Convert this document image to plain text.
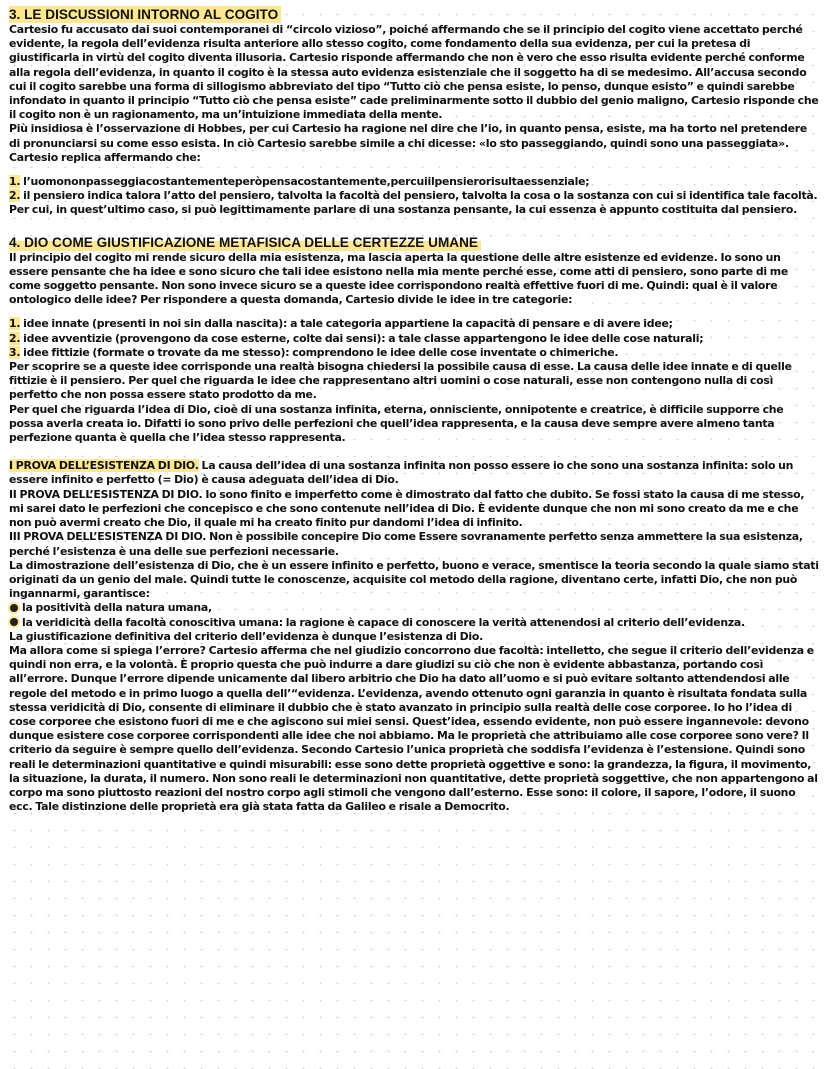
3. LE DISCUSSIONI INTORNO AL COGITO

Cartesio fu accusato dai suoi contemporanei di “circolo vizioso”, poiché affermando che se il principio del cogito viene accettato perché evidente, la regola dell’evidenza risulta anteriore allo stesso cogito, come fondamento della sua evidenza, per cui la pretesa di giustificarla in virtù del cogito diventa illusoria. Cartesio risponde affermando che non è vero che esso risulta evidente perché conforme alla regola dell’evidenza, in quanto il cogito è la stessa auto evidenza esistenziale che il soggetto ha di se medesimo. All’accusa secondo cui il cogito sarebbe una forma di sillogismo abbreviato del tipo “Tutto ciò che pensa esiste, lo penso, dunque esisto” e quindi sarebbe infondato in quanto il principio “Tutto ciò che pensa esiste” cade preliminarmente sotto il dubbio del genio maligno, Cartesio risponde che il cogito non è un ragionamento, ma un’intuizione immediata della mente.

Più insidiosa è l’osservazione di Hobbes, per cui Cartesio ha ragione nel dire che l’io, in quanto pensa, esiste, ma ha torto nel pretendere di pronunciarsi su come esso esista. In ciò Cartesio sarebbe simile a chi dicesse: «Io sto passeggiando, quindi sono una passeggiata». Cartesio replica affermando che:

1. l’uomononpasseggiacostantementeperòpensacostantemente,percuiilpensierorisultaessenziale;
2. il pensiero indica talora l’atto del pensiero, talvolta la facoltà del pensiero, talvolta la cosa o la sostanza con cui si identifica tale facoltà. Per cui, in quest’ultimo caso, si può legittimamente parlare di una sostanza pensante, la cui essenza è appunto costituita dal pensiero.
4. DIO COME GIUSTIFICAZIONE METAFISICA DELLE CERTEZZE UMANE

Il principio del cogito mi rende sicuro della mia esistenza, ma lascia aperta la questione delle altre esistenze ed evidenze. Io sono un essere pensante che ha idee e sono sicuro che tali idee esistono nella mia mente perché esse, come atti di pensiero, sono parte di me come soggetto pensante. Non sono invece sicuro se a queste idee corrispondono realtà effettive fuori di me. Quindi: qual è il valore ontologico delle idee? Per rispondere a questa domanda, Cartesio divide le idee in tre categorie:

1. idee innate (presenti in noi sin dalla nascita): a tale categoria appartiene la capacità di pensare e di avere idee;
2. idee avventizie (provengono da cose esterne, colte dai sensi): a tale classe appartengono le idee delle cose naturali;
3. idee fittizie (formate o trovate da me stesso): comprendono le idee delle cose inventate o chimeriche.

Per scoprire se a queste idee corrisponde una realtà bisogna chiedersi la possibile causa di esse. La causa delle idee innate e di quelle fittizie è il pensiero. Per quel che riguarda le idee che rappresentano altri uomini o cose naturali, esse non contengono nulla di così perfetto che non possa essere stato prodotto da me.

Per quel che riguarda l’idea di Dio, cioè di una sostanza infinita, eterna, onnisciente, onnipotente e creatrice, è difficile supporre che possa averla creata io. Difatti io sono privo delle perfezioni che quell’idea rappresenta, e la causa deve sempre avere almeno tanta perfezione quanta è quella che l’idea stesso rappresenta.

I PROVA DELL’ESISTENZA DI DIO. La causa dell’idea di una sostanza infinita non posso essere io che sono una sostanza infinita: solo un essere infinito e perfetto (= Dio) è causa adeguata dell’idea di Dio.

II PROVA DELL’ESISTENZA DI DIO. Io sono finito e imperfetto come è dimostrato dal fatto che dubito. Se fossi stato la causa di me stesso, mi sarei dato le perfezioni che concepisco e che sono contenute nell’idea di Dio. È evidente dunque che non mi sono creato da me e che non può avermi creato che Dio, il quale mi ha creato finito pur dandomi l’idea di infinito.

III PROVA DELL’ESISTENZA DI DIO. Non è possibile concepire Dio come Essere sovranamente perfetto senza ammettere la sua esistenza, perché l’esistenza è una delle sue perfezioni necessarie.

La dimostrazione dell’esistenza di Dio, che è un essere infinito e perfetto, buono e verace, smentisce la teoria secondo la quale siamo stati originati da un genio del male. Quindi tutte le conoscenze, acquisite col metodo della ragione, diventano certe, infatti Dio, che non può ingannarmi, garantisce:

la positività della natura umana,
la veridicità della facoltà conoscitiva umana: la ragione è capace di conoscere la verità attenendosi al criterio dell’evidenza.

La giustificazione definitiva del criterio dell’evidenza è dunque l’esistenza di Dio.

Ma allora come si spiega l’errore? Cartesio afferma che nel giudizio concorrono due facoltà: intelletto, che segue il criterio dell’evidenza e quindi non erra, e la volontà. È proprio questa che può indurre a dare giudizi su ciò che non è evidente abbastanza, portando così all’errore. Dunque l’errore dipende unicamente dal libero arbitrio che Dio ha dato all’uomo e si può evitare soltanto attendendosi alle regole del metodo e in primo luogo a quella dell’“evidenza. L’evidenza, avendo ottenuto ogni garanzia in quanto è risultata fondata sulla stessa veridicità di Dio, consente di eliminare il dubbio che è stato avanzato in principio sulla realtà delle cose corporee. Io ho l’idea di cose corporee che esistono fuori di me e che agiscono sui miei sensi. Quest’idea, essendo evidente, non può essere ingannevole: devono dunque esistere cose corporee corrispondenti alle idee che noi abbiamo. Ma le proprietà che attribuiamo alle cose corporee sono vere? Il criterio da seguire è sempre quello dell’evidenza. Secondo Cartesio l’unica proprietà che soddisfa l’evidenza è l’estensione. Quindi sono reali le determinazioni quantitative e quindi misurabili: esse sono dette proprietà oggettive e sono: la grandezza, la figura, il movimento, la situazione, la durata, il numero. Non sono reali le determinazioni non quantitative, dette proprietà soggettive, che non appartengono al corpo ma sono piuttosto reazioni del nostro corpo agli stimoli che vengono dall’esterno. Esse sono: il colore, il sapore, l’odore, il suono ecc. Tale distinzione delle proprietà era già stata fatta da Galileo e risale a Democrito.
